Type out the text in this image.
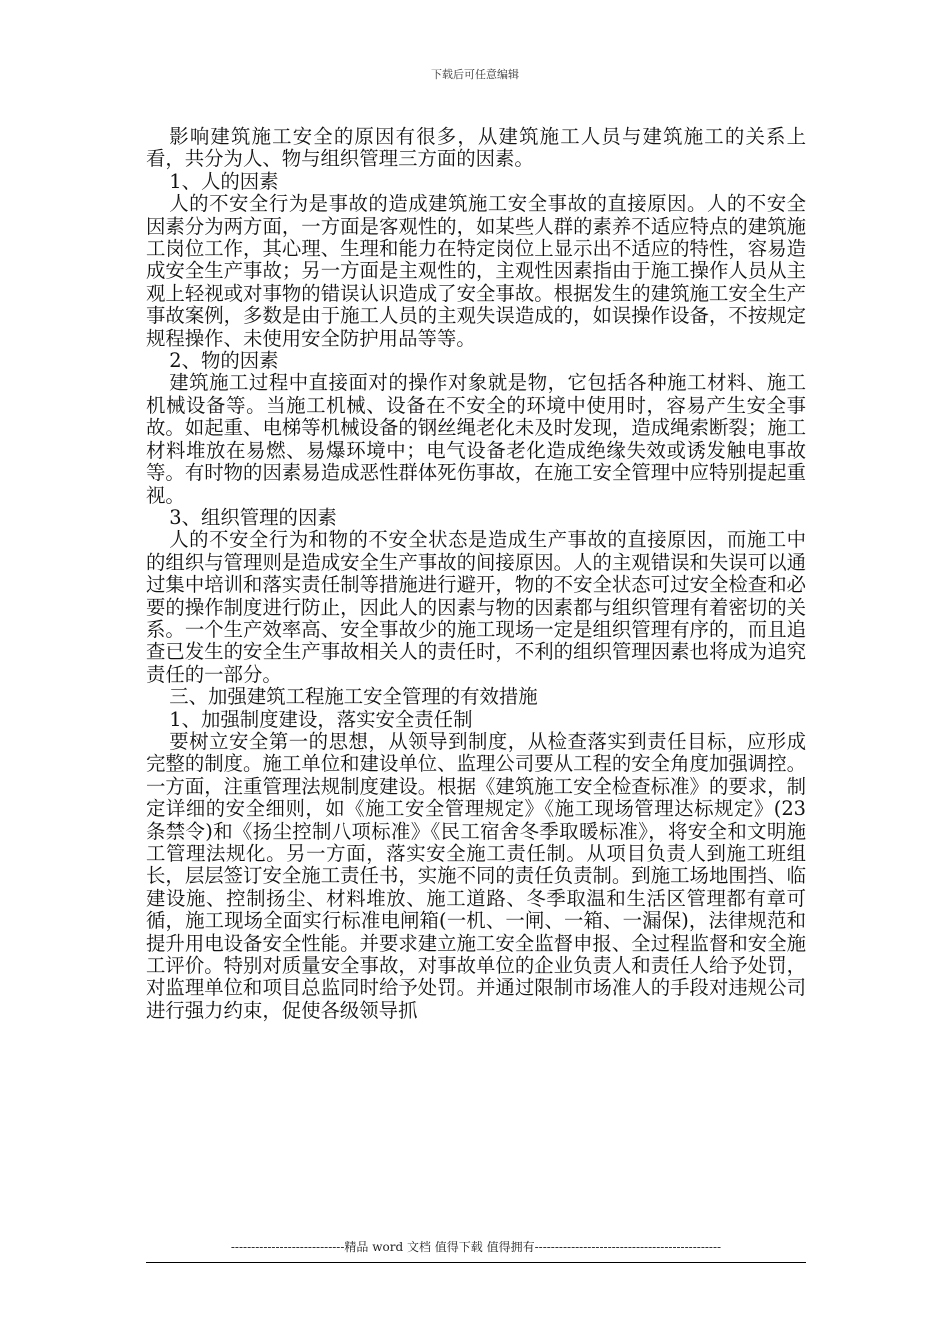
下载后可任意编辑

影响建筑施工安全的原因有很多，从建筑施工人员与建筑施工的关系上看，共分为人、物与组织管理三方面的因素。

1、人的因素

人的不安全行为是事故的造成建筑施工安全事故的直接原因。人的不安全因素分为两方面，一方面是客观性的，如某些人群的素养不适应特点的建筑施工岗位工作，其心理、生理和能力在特定岗位上显示出不适应的特性，容易造成安全生产事故；另一方面是主观性的，主观性因素指由于施工操作人员从主观上轻视或对事物的错误认识造成了安全事故。根据发生的建筑施工安全生产事故案例，多数是由于施工人员的主观失误造成的，如误操作设备，不按规定规程操作、未使用安全防护用品等等。

2、物的因素

建筑施工过程中直接面对的操作对象就是物，它包括各种施工材料、施工机械设备等。当施工机械、设备在不安全的环境中使用时，容易产生安全事故。如起重、电梯等机械设备的钢丝绳老化未及时发现，造成绳索断裂；施工材料堆放在易燃、易爆环境中；电气设备老化造成绝缘失效或诱发触电事故等。有时物的因素易造成恶性群体死伤事故，在施工安全管理中应特别提起重视。

3、组织管理的因素

人的不安全行为和物的不安全状态是造成生产事故的直接原因，而施工中的组织与管理则是造成安全生产事故的间接原因。人的主观错误和失误可以通过集中培训和落实责任制等措施进行避开，物的不安全状态可过安全检查和必要的操作制度进行防止，因此人的因素与物的因素都与组织管理有着密切的关系。一个生产效率高、安全事故少的施工现场一定是组织管理有序的，而且追查已发生的安全生产事故相关人的责任时，不利的组织管理因素也将成为追究责任的一部分。

三、加强建筑工程施工安全管理的有效措施

1、加强制度建设，落实安全责任制

要树立安全第一的思想，从领导到制度，从检查落实到责任目标，应形成完整的制度。施工单位和建设单位、监理公司要从工程的安全角度加强调控。一方面，注重管理法规制度建设。根据《建筑施工安全检查标准》的要求，制定详细的安全细则，如《施工安全管理规定》《施工现场管理达标规定》(23 条禁令)和《扬尘控制八项标准》《民工宿舍冬季取暖标准》，将安全和文明施工管理法规化。另一方面，落实安全施工责任制。从项目负责人到施工班组长，层层签订安全施工责任书，实施不同的责任负责制。到施工场地围挡、临建设施、控制扬尘、材料堆放、施工道路、冬季取温和生活区管理都有章可循，施工现场全面实行标准电闸箱(一机、一闸、一箱、一漏保)，法律规范和提升用电设备安全性能。并要求建立施工安全监督申报、全过程监督和安全施工评价。特别对质量安全事故，对事故单位的企业负责人和责任人给予处罚，对监理单位和项目总监同时给予处罚。并通过限制市场准人的手段对违规公司进行强力约束，促使各级领导抓

----------------------------精品 word 文档 值得下载 值得拥有----------------------------------------------
